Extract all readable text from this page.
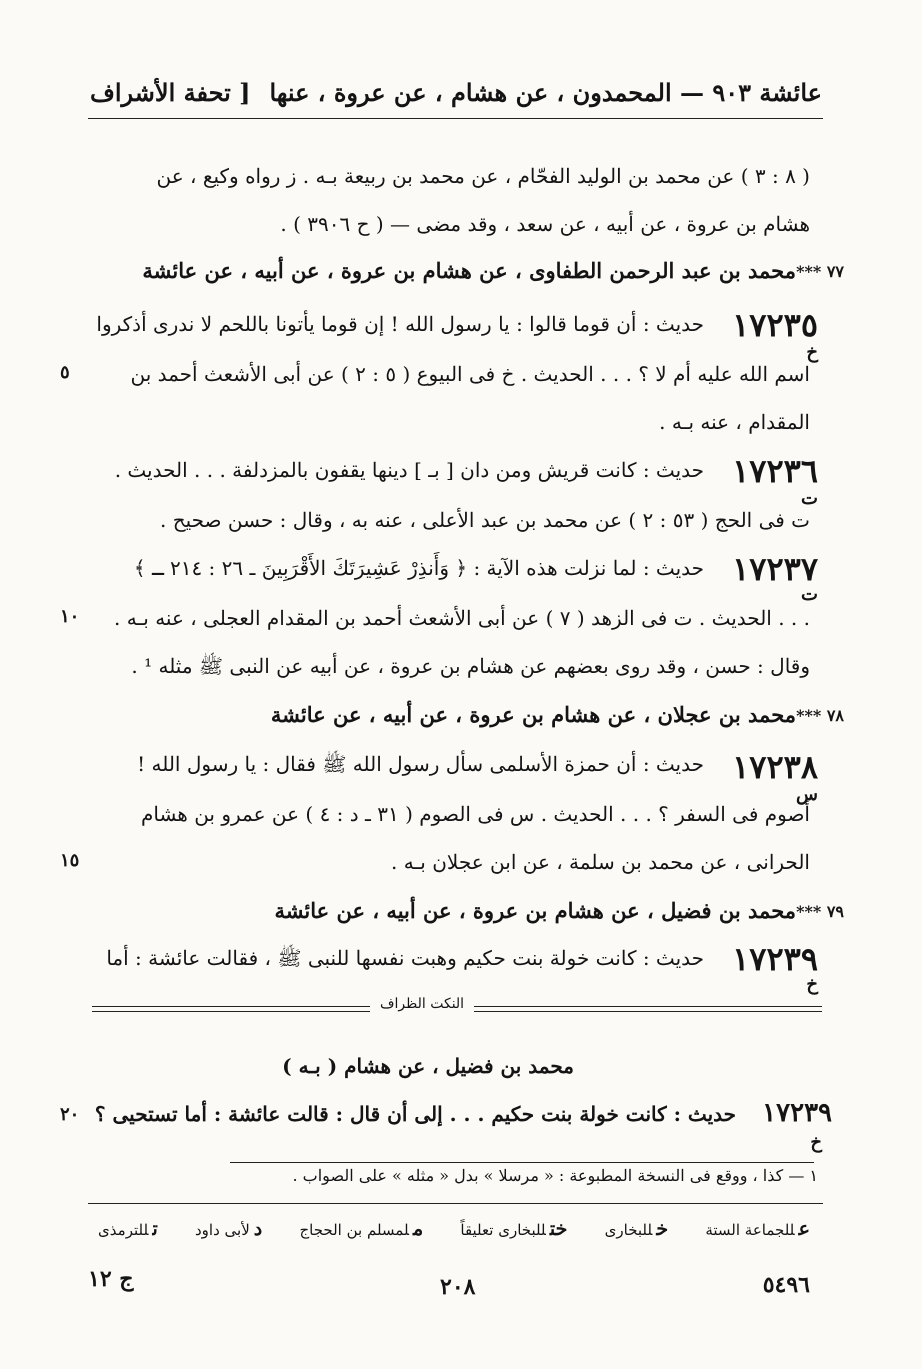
عائشة ٩٠٣ — المحمدون ، عن هشام ، عن عروة ، عنها
[ تحفة الأشراف
( ٨ : ٣ ) عن محمد بن الوليد الفحّام ، عن محمد بن ربيعة بـه . ز رواه وكيع ، عن
هشام بن عروة ، عن أبيه ، عن سعد ، وقد مضى — ( ح ٣٩٠٦ ) .
٧٧ ***
محمد بن عبد الرحمن الطفاوى ، عن هشام بن عروة ، عن أبيه ، عن عائشة
١٧٢٣٥
خ
حديث : أن قوما قالوا : يا رسول الله ! إن قوما يأتونا باللحم لا ندرى أذكروا
اسم الله عليه أم لا ؟ . . . الحديث . خ فى البيوع ( ٥ : ٢ ) عن أبى الأشعث أحمد بن
المقدام ، عنه بـه .
٥
١٧٢٣٦
ت
حديث : كانت قريش ومن دان [ بـ ] دينها يقفون بالمزدلفة . . . الحديث .
ت فى الحج ( ٥٣ : ٢ ) عن محمد بن عبد الأعلى ، عنه به ، وقال : حسن صحيح .
١٧٢٣٧
ت
حديث : لما نزلت هذه الآية : ﴿ وَأَنذِرْ عَشِيرَتَكَ الأَقْرَبِينَ ـ ٢٦ : ٢١٤ ـ ﴾
. . . الحديث . ت فى الزهد ( ٧ ) عن أبى الأشعث أحمد بن المقدام العجلى ، عنه بـه .
وقال : حسن ، وقد روى بعضهم عن هشام بن عروة ، عن أبيه عن النبى ﷺ مثله ¹ .
١٠
٧٨ ***
محمد بن عجلان ، عن هشام بن عروة ، عن أبيه ، عن عائشة
١٧٢٣٨
س
حديث : أن حمزة الأسلمى سأل رسول الله ﷺ فقال : يا رسول الله !
أصوم فى السفر ؟ . . . الحديث . س فى الصوم ( ٣١ ـ د : ٤ ) عن عمرو بن هشام
الحرانى ، عن محمد بن سلمة ، عن ابن عجلان بـه .
١٥
٧٩ ***
محمد بن فضيل ، عن هشام بن عروة ، عن أبيه ، عن عائشة
١٧٢٣٩
خ
حديث : كانت خولة بنت حكيم وهبت نفسها للنبى ﷺ ، فقالت عائشة : أما
النكت الظراف
محمد بن فضيل ، عن هشام ( بـه )
١٧٢٣٩
خ
حديث : كانت خولة بنت حكيم . . . إلى أن قال : قالت عائشة : أما تستحيى ؟
٢٠
١ — كذا ، ووقع فى النسخة المطبوعة : « مرسلا » بدل « مثله » على الصواب .
عللجماعة الستة
خللبخارى
ختللبخارى تعليقاً
ملمسلم بن الحجاج
دلأبى داود
تللترمذى
٥٤٩٦
٢٠٨
ج ١٢
